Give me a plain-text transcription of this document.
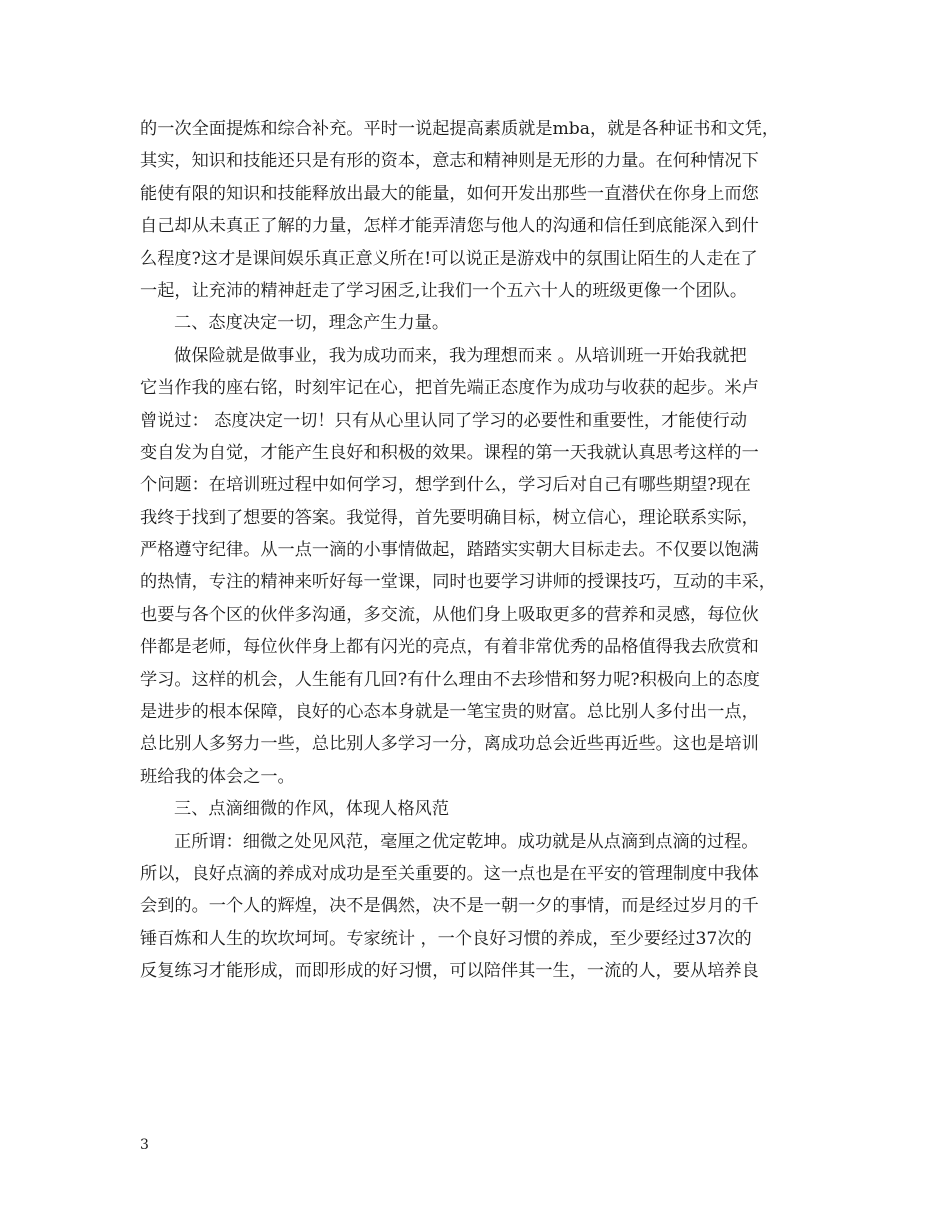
的一次全面提炼和综合补充。平时一说起提高素质就是mba，就是各种证书和文凭，
其实，知识和技能还只是有形的资本，意志和精神则是无形的力量。在何种情况下
能使有限的知识和技能释放出最大的能量，如何开发出那些一直潜伏在你身上而您
自己却从未真正了解的力量，怎样才能弄清您与他人的沟通和信任到底能深入到什
么程度?这才是课间娱乐真正意义所在!可以说正是游戏中的氛围让陌生的人走在了
一起，让充沛的精神赶走了学习困乏,让我们一个五六十人的班级更像一个团队。
二、态度决定一切，理念产生力量。
做保险就是做事业，我为成功而来，我为理想而来 。从培训班一开始我就把
它当作我的座右铭，时刻牢记在心，把首先端正态度作为成功与收获的起步。米卢
曾说过： 态度决定一切！只有从心里认同了学习的必要性和重要性，才能使行动
变自发为自觉，才能产生良好和积极的效果。课程的第一天我就认真思考这样的一
个问题：在培训班过程中如何学习，想学到什么，学习后对自己有哪些期望?现在
我终于找到了想要的答案。我觉得，首先要明确目标，树立信心，理论联系实际，
严格遵守纪律。从一点一滴的小事情做起，踏踏实实朝大目标走去。不仅要以饱满
的热情，专注的精神来听好每一堂课，同时也要学习讲师的授课技巧，互动的丰采，
也要与各个区的伙伴多沟通，多交流，从他们身上吸取更多的营养和灵感，每位伙
伴都是老师，每位伙伴身上都有闪光的亮点，有着非常优秀的品格值得我去欣赏和
学习。这样的机会，人生能有几回?有什么理由不去珍惜和努力呢?积极向上的态度
是进步的根本保障，良好的心态本身就是一笔宝贵的财富。总比别人多付出一点，
总比别人多努力一些，总比别人多学习一分，离成功总会近些再近些。这也是培训
班给我的体会之一。
三、点滴细微的作风，体现人格风范
正所谓：细微之处见风范，毫厘之优定乾坤。成功就是从点滴到点滴的过程。
所以，良好点滴的养成对成功是至关重要的。这一点也是在平安的管理制度中我体
会到的。一个人的辉煌，决不是偶然，决不是一朝一夕的事情，而是经过岁月的千
锤百炼和人生的坎坎坷坷。专家统计 ，一个良好习惯的养成，至少要经过37次的
反复练习才能形成，而即形成的好习惯，可以陪伴其一生，一流的人，要从培养良
3
